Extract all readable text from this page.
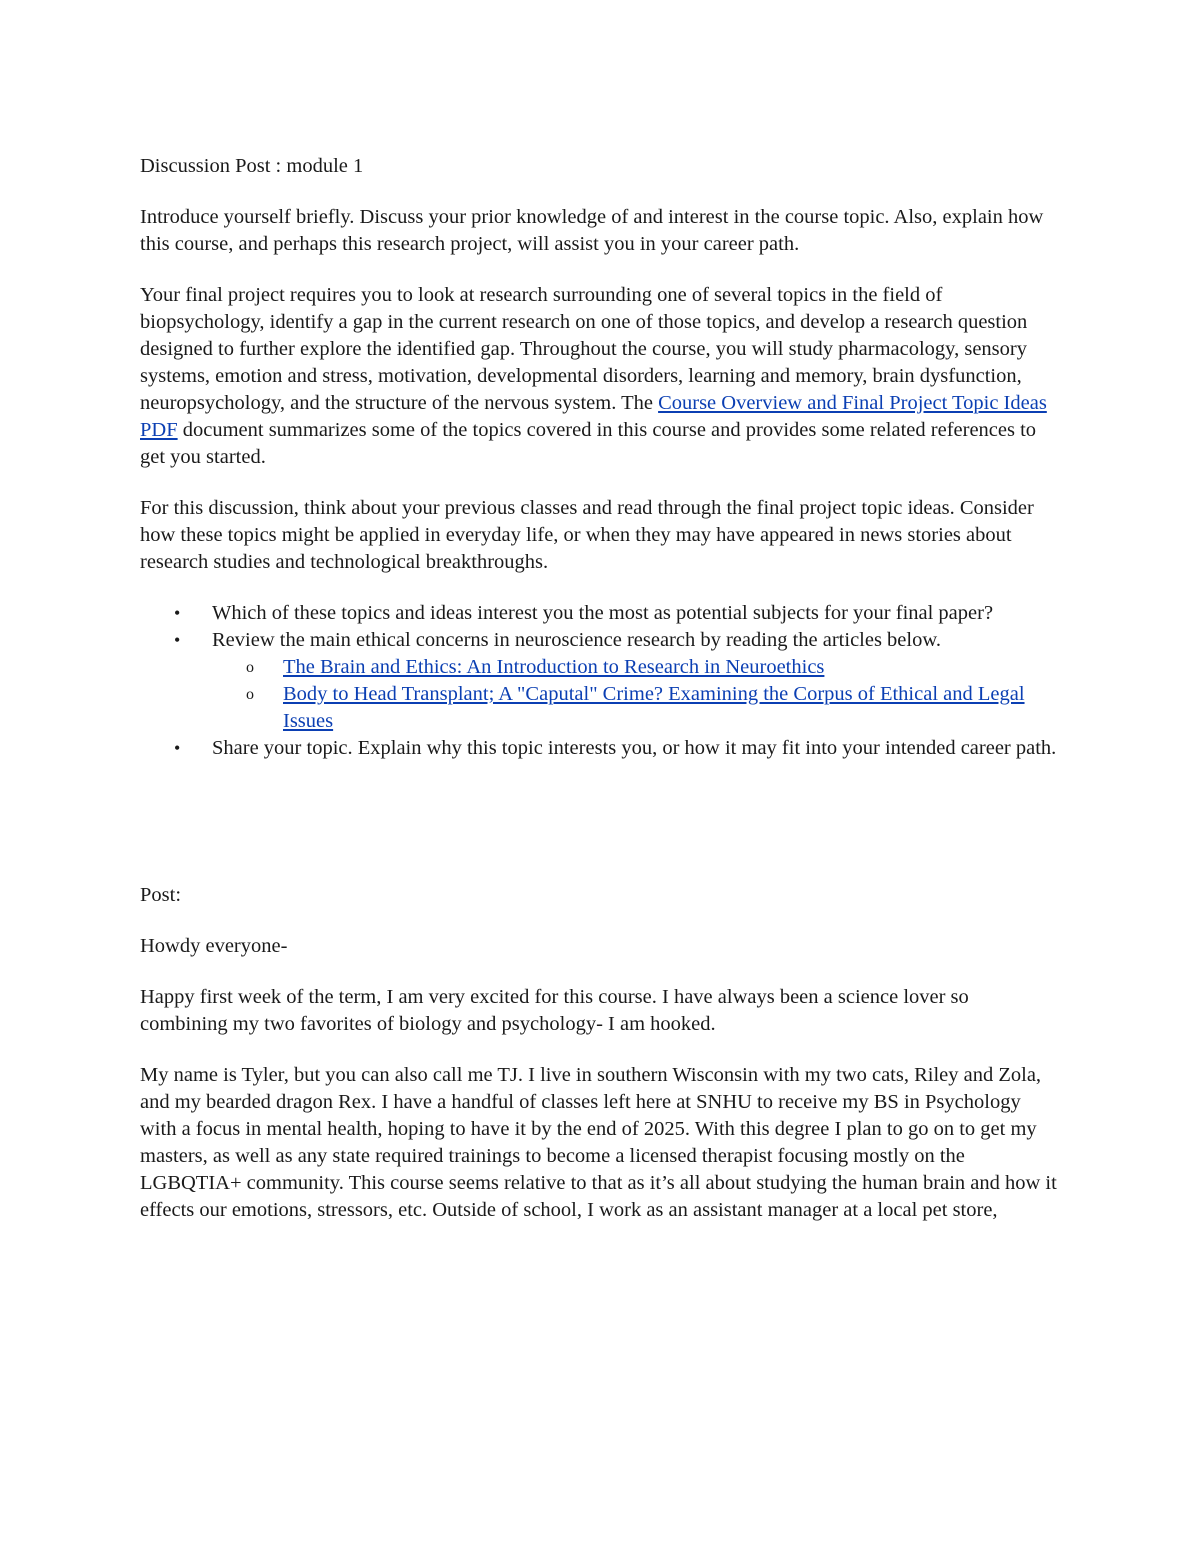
Discussion Post : module 1

Introduce yourself briefly. Discuss your prior knowledge of and interest in the course topic. Also, explain how this course, and perhaps this research project, will assist you in your career path.

Your final project requires you to look at research surrounding one of several topics in the field of biopsychology, identify a gap in the current research on one of those topics, and develop a research question designed to further explore the identified gap. Throughout the course, you will study pharmacology, sensory systems, emotion and stress, motivation, developmental disorders, learning and memory, brain dysfunction, neuropsychology, and the structure of the nervous system. The Course Overview and Final Project Topic Ideas PDF document summarizes some of the topics covered in this course and provides some related references to get you started.

For this discussion, think about your previous classes and read through the final project topic ideas. Consider how these topics might be applied in everyday life, or when they may have appeared in news stories about research studies and technological breakthroughs.

• Which of these topics and ideas interest you the most as potential subjects for your final paper?
• Review the main ethical concerns in neuroscience research by reading the articles below.
o The Brain and Ethics: An Introduction to Research in Neuroethics
o Body to Head Transplant; A "Caputal" Crime? Examining the Corpus of Ethical and Legal Issues
• Share your topic. Explain why this topic interests you, or how it may fit into your intended career path.

Post:

Howdy everyone-

Happy first week of the term, I am very excited for this course. I have always been a science lover so combining my two favorites of biology and psychology- I am hooked.

My name is Tyler, but you can also call me TJ. I live in southern Wisconsin with my two cats, Riley and Zola, and my bearded dragon Rex. I have a handful of classes left here at SNHU to receive my BS in Psychology with a focus in mental health, hoping to have it by the end of 2025. With this degree I plan to go on to get my masters, as well as any state required trainings to become a licensed therapist focusing mostly on the LGBQTIA+ community. This course seems relative to that as it’s all about studying the human brain and how it effects our emotions, stressors, etc. Outside of school, I work as an assistant manager at a local pet store,
